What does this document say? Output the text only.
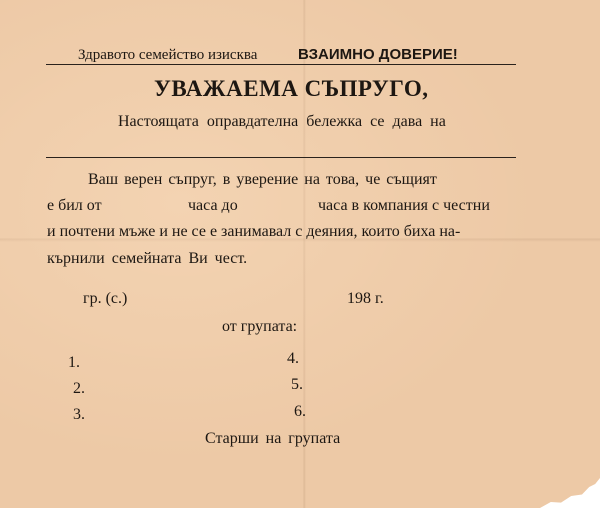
Здравото семейство изисква	ВЗАИМНО ДОВЕРИЕ!
УВАЖАЕМА СЪПРУГО,
Настоящата оправдателна бележка се дава на
Ваш верен съпруг, в уверение на това, че същият
е бил от	часа до	часа в компания с честни
и почтени мъже и не се е занимавал с деяния, които биха на-
кърнили семейната Ви чест.
гр. (с.)	198 г.
от групата:
1.
2.
3.
4.
5.
6.
Старши на групата
